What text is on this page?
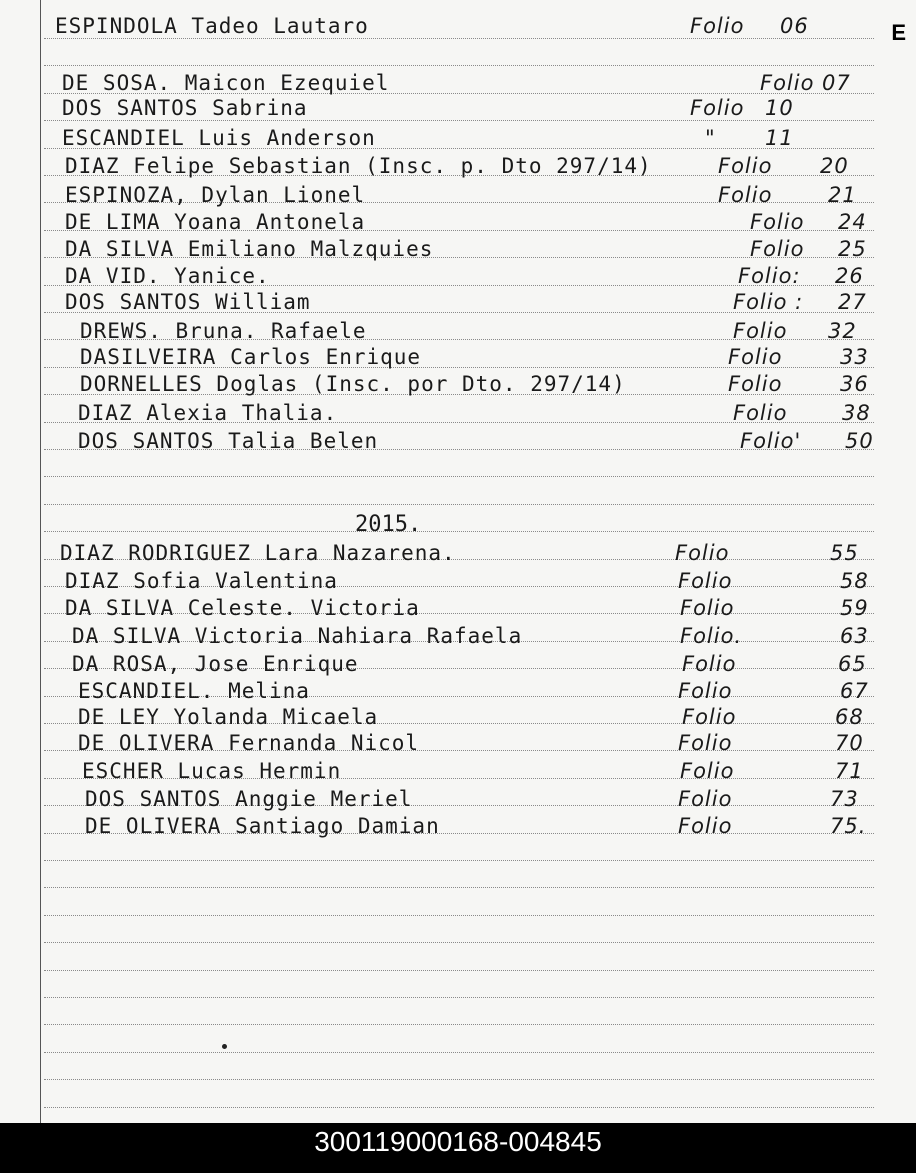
E
ESPINDOLA Tadeo Lautaro	Folio 06
DE SOSA. Maicon Ezequiel	Folio 07
DOS SANTOS Sabrina	Folio 10
ESCANDIEL Luis Anderson	" 11
DIAZ Felipe Sebastian (Insc. p. Dto 297/14)	Folio 20
ESPINOZA, Dylan Lionel	Folio	21
DE LIMA Yoana Antonela	Folio 24
DA SILVA Emiliano Malzquies	Folio 25
DA VID. Yanice.	Folio: 26
DOS SANTOS William	Folio : 27
DREWS. Bruna. Rafaele	Folio 32
DASILVEIRA Carlos Enrique	Folio	33
DORNELLES Doglas (Insc. por Dto. 297/14)	Folio	36
DIAZ Alexia Thalia.	Folio	38
DOS SANTOS Talia Belen	Folio' 50
2015.
DIAZ RODRIGUEZ Lara Nazarena.	Folio	55
DIAZ Sofia Valentina	Folio	58
DA SILVA Celeste. Victoria	Folio	59
DA SILVA Victoria Nahiara Rafaela	Folio.	63
DA ROSA, Jose Enrique	Folio	65
ESCANDIEL. Melina	Folio	67
DE LEY Yolanda Micaela	Folio	68
DE OLIVERA Fernanda Nicol	Folio	70
ESCHER Lucas Hermin	Folio	71
DOS SANTOS Anggie Meriel	Folio	73
DE OLIVERA Santiago Damian	Folio	75.
300119000168-004845
